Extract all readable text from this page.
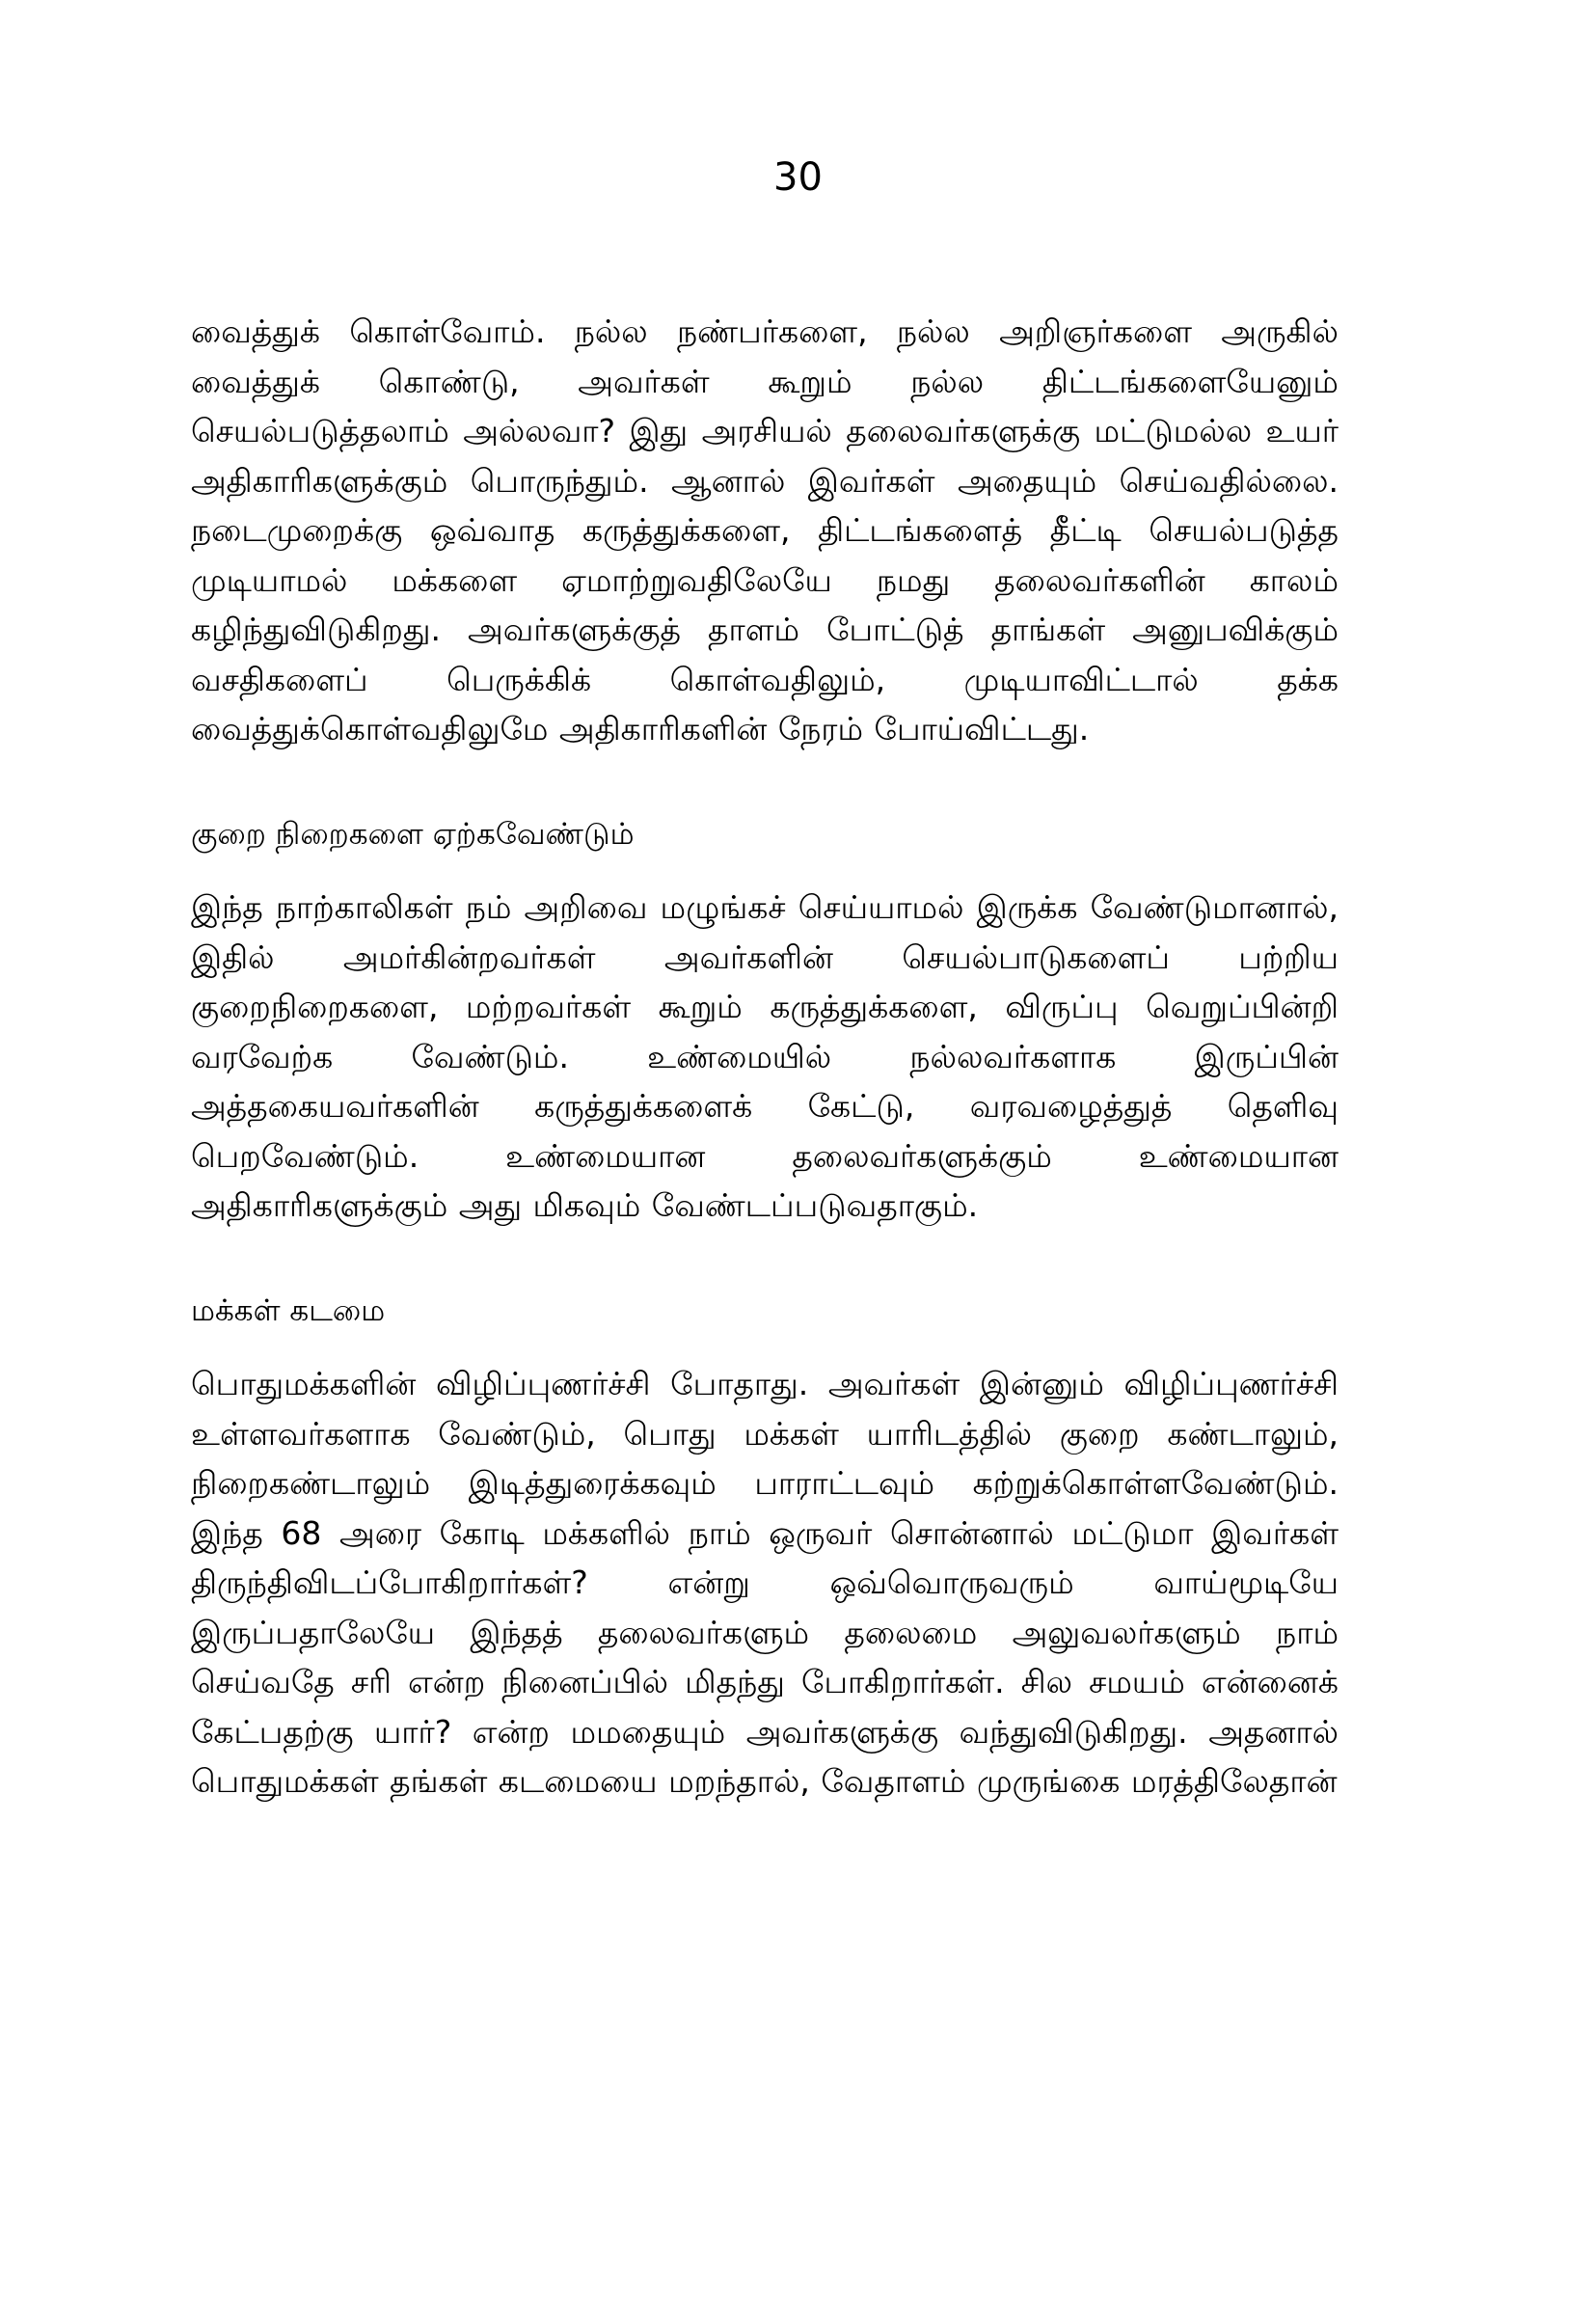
30

வைத்துக் கொள்வோம். நல்ல நண்பர்களை, நல்ல அறிஞர்களை அருகில் வைத்துக் கொண்டு, அவர்கள் கூறும் நல்ல திட்டங்களையேனும் செயல்படுத்தலாம் அல்லவா? இது அரசியல் தலைவர்களுக்கு மட்டுமல்ல உயர் அதிகாரிகளுக்கும் பொருந்தும். ஆனால் இவர்கள் அதையும் செய்வதில்லை. நடைமுறைக்கு ஒவ்வாத கருத்துக்களை, திட்டங்களைத் தீட்டி செயல்படுத்த முடியாமல் மக்களை ஏமாற்றுவதிலேயே நமது தலைவர்களின் காலம் கழிந்துவிடுகிறது. அவர்களுக்குத் தாளம் போட்டுத் தாங்கள் அனுபவிக்கும் வசதிகளைப் பெருக்கிக் கொள்வதிலும், முடியாவிட்டால் தக்க வைத்துக்கொள்வதிலுமே அதிகாரிகளின் நேரம் போய்விட்டது.

குறை நிறைகளை ஏற்கவேண்டும்

இந்த நாற்காலிகள் நம் அறிவை மழுங்கச் செய்யாமல் இருக்க வேண்டுமானால், இதில் அமர்கின்றவர்கள் அவர்களின் செயல்பாடுகளைப் பற்றிய குறைநிறைகளை, மற்றவர்கள் கூறும் கருத்துக்களை, விருப்பு வெறுப்பின்றி வரவேற்க வேண்டும். உண்மையில் நல்லவர்களாக இருப்பின் அத்தகையவர்களின் கருத்துக்களைக் கேட்டு, வரவழைத்துத் தெளிவு பெறவேண்டும். உண்மையான தலைவர்களுக்கும் உண்மையான அதிகாரிகளுக்கும் அது மிகவும் வேண்டப்படுவதாகும்.

மக்கள் கடமை

பொதுமக்களின் விழிப்புணர்ச்சி போதாது. அவர்கள் இன்னும் விழிப்புணர்ச்சி உள்ளவர்களாக வேண்டும், பொது மக்கள் யாரிடத்தில் குறை கண்டாலும், நிறைகண்டாலும் இடித்துரைக்கவும் பாராட்டவும் கற்றுக்கொள்ளவேண்டும். இந்த 68 அரை கோடி மக்களில் நாம் ஒருவர் சொன்னால் மட்டுமா இவர்கள் திருந்திவிடப்போகிறார்கள்? என்று ஒவ்வொருவரும் வாய்மூடியே இருப்பதாலேயே இந்தத் தலைவர்களும் தலைமை அலுவலர்களும் நாம் செய்வதே சரி என்ற நினைப்பில் மிதந்து போகிறார்கள். சில சமயம் என்னைக் கேட்பதற்கு யார்? என்ற மமதையும் அவர்களுக்கு வந்துவிடுகிறது. அதனால் பொதுமக்கள் தங்கள் கடமையை மறந்தால், வேதாளம் முருங்கை மரத்திலேதான்
